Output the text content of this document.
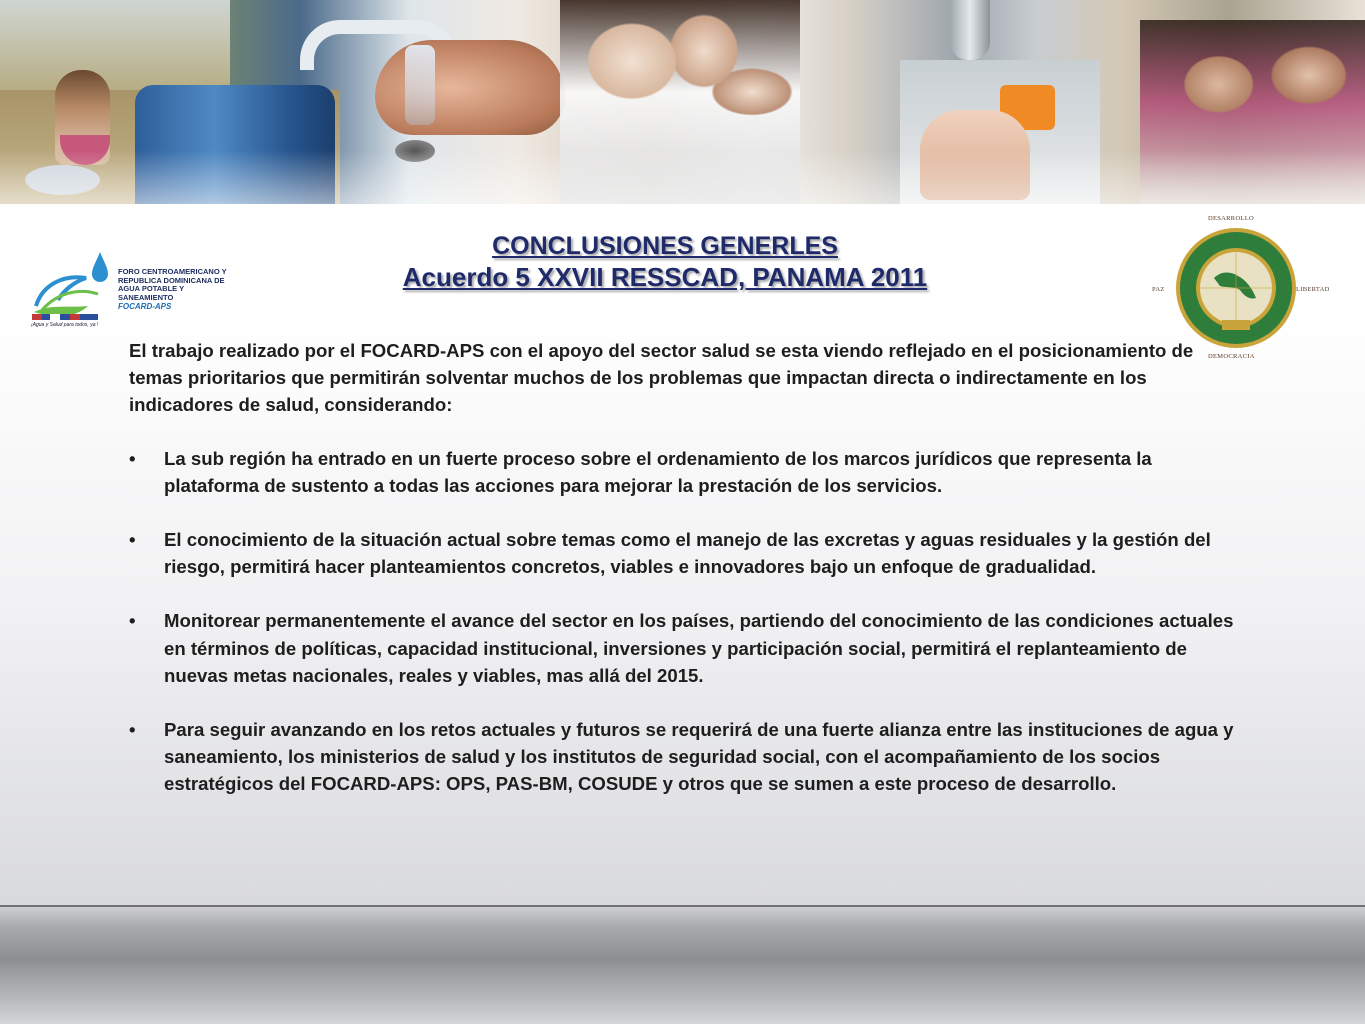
FORO CENTROAMERICANO Y
REPUBLICA DOMINICANA DE
AGUA POTABLE Y SANEAMIENTO
FOCARD-APS
¡Agua y Salud para todos, ya !
DESARROLLO
PAZ	LIBERTAD
DEMOCRACIA
CONCLUSIONES GENERLES
Acuerdo 5 XXVII RESSCAD, PANAMA 2011

El trabajo realizado por el FOCARD-APS con el apoyo del sector salud se esta viendo reflejado en el posicionamiento de temas prioritarios que permitirán solventar muchos de los problemas que impactan directa o indirectamente en los indicadores de salud, considerando:

• La sub región ha entrado en un fuerte proceso sobre el ordenamiento de los marcos jurídicos que representa la plataforma de sustento a todas las acciones para mejorar la prestación de los servicios.
• El conocimiento de la situación actual sobre temas como el manejo de las excretas y aguas residuales y la gestión del riesgo, permitirá hacer planteamientos concretos, viables e innovadores bajo un enfoque de gradualidad.
• Monitorear permanentemente el avance del sector en los países, partiendo del conocimiento de las condiciones actuales en términos de políticas, capacidad institucional, inversiones y participación social, permitirá el replanteamiento de nuevas metas nacionales, reales y viables, mas allá del 2015.
• Para seguir avanzando en los retos actuales y futuros se requerirá de una fuerte alianza entre las instituciones de agua y saneamiento, los ministerios de salud y los institutos de seguridad social, con el acompañamiento de los socios estratégicos del FOCARD-APS: OPS, PAS-BM, COSUDE y otros que se sumen a este proceso de desarrollo.
